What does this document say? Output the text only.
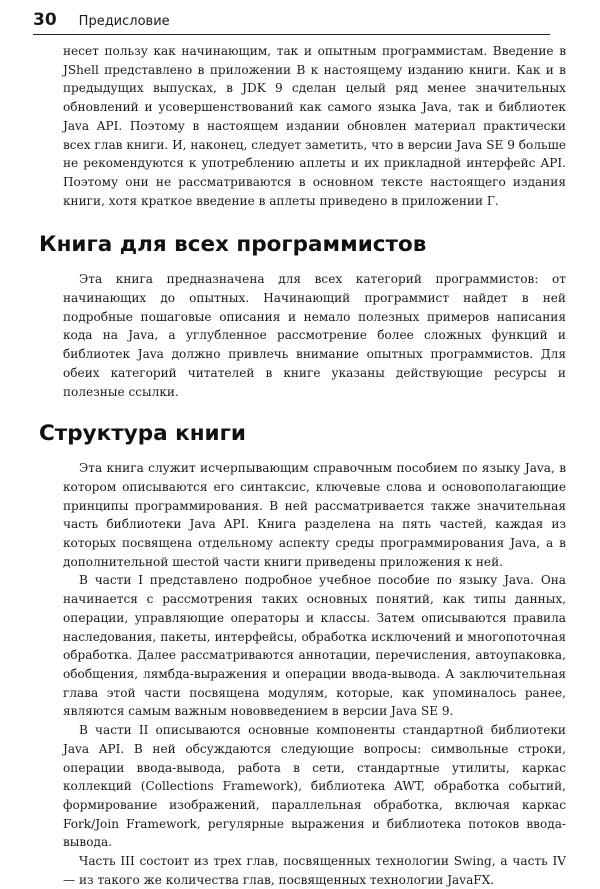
30 Предисловие

несет пользу как начинающим, так и опытным программистам. Введение в JShell представлено в приложении В к настоящему изданию книги. Как и в предыдущих выпусках, в JDK 9 сделан целый ряд менее значительных обновлений и усовершенствований как самого языка Java, так и библиотек Java API. Поэтому в настоящем издании обновлен материал практически всех глав книги. И, наконец, следует заметить, что в версии Java SE 9 больше не рекомендуются к употреблению аплеты и их прикладной интерфейс API. Поэтому они не рассматриваются в основном тексте настоящего издания книги, хотя краткое введение в аплеты приведено в приложении Г.

Книга для всех программистов

Эта книга предназначена для всех категорий программистов: от начинающих до опытных. Начинающий программист найдет в ней подробные пошаговые описания и немало полезных примеров написания кода на Java, а углубленное рассмотрение более сложных функций и библиотек Java должно привлечь внимание опытных программистов. Для обеих категорий читателей в книге указаны действующие ресурсы и полезные ссылки.

Структура книги

Эта книга служит исчерпывающим справочным пособием по языку Java, в котором описываются его синтаксис, ключевые слова и основополагающие принципы программирования. В ней рассматривается также значительная часть библиотеки Java API. Книга разделена на пять частей, каждая из которых посвящена отдельному аспекту среды программирования Java, а в дополнительной шестой части книги приведены приложения к ней.

В части I представлено подробное учебное пособие по языку Java. Она начинается с рассмотрения таких основных понятий, как типы данных, операции, управляющие операторы и классы. Затем описываются правила наследования, пакеты, интерфейсы, обработка исключений и многопоточная обработка. Далее рассматриваются аннотации, перечисления, автоупаковка, обобщения, лямбда-выражения и операции ввода-вывода. А заключительная глава этой части посвящена модулям, которые, как упоминалось ранее, являются самым важным нововведением в версии Java SE 9.

В части II описываются основные компоненты стандартной библиотеки Java API. В ней обсуждаются следующие вопросы: символьные строки, операции ввода-вывода, работа в сети, стандартные утилиты, каркас коллекций (Collections Framework), библиотека AWT, обработка событий, формирование изображений, параллельная обработка, включая каркас Fork/Join Framework, регулярные выражения и библиотека потоков ввода-вывода.

Часть III состоит из трех глав, посвященных технологии Swing, а часть IV — из такого же количества глав, посвященных технологии JavaFX.
